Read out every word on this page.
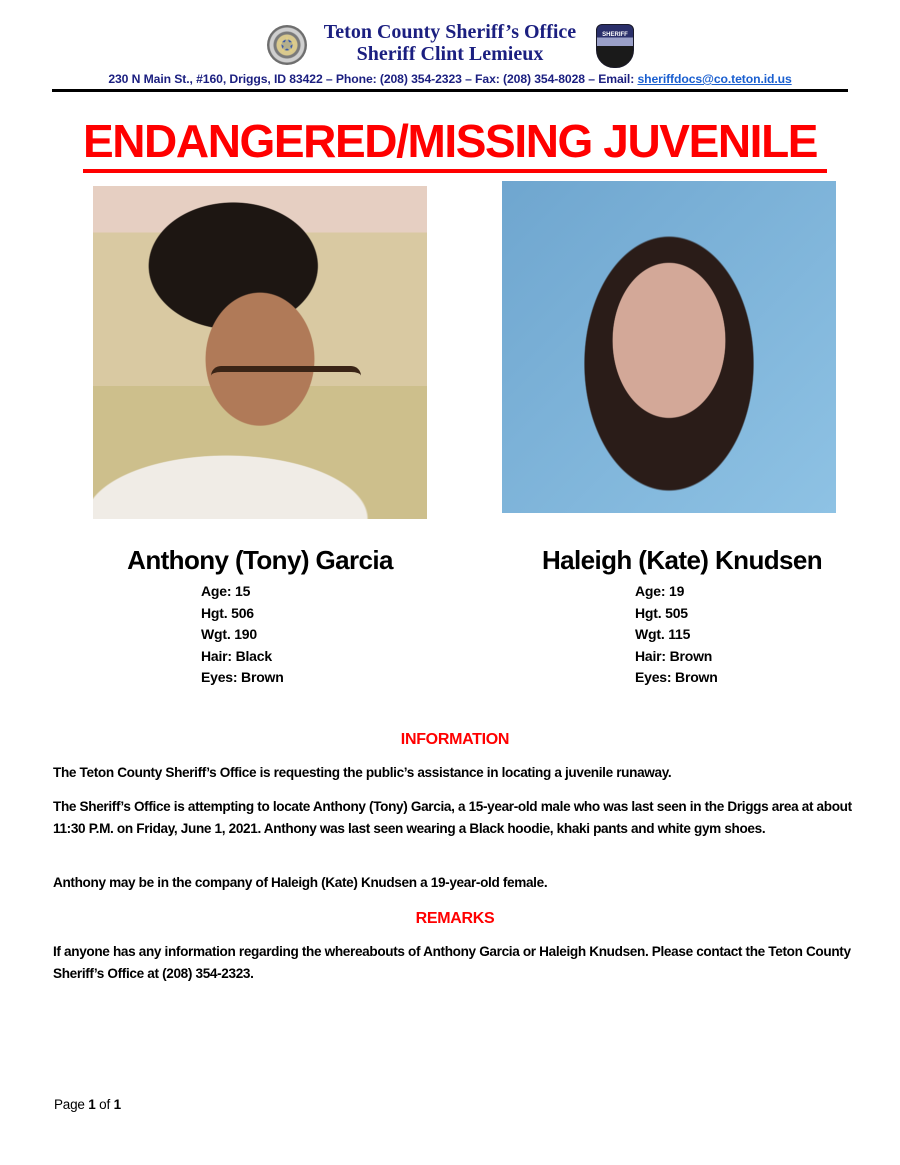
★	Teton County Sheriff’s Office
Sheriff Clint Lemieux
SHERIFF
230 N Main St., #160, Driggs, ID 83422 – Phone: (208) 354-2323 – Fax: (208) 354-8028 – Email: sheriffdocs@co.teton.id.us
ENDANGERED/MISSING JUVENILE
Anthony (Tony) Garcia
Age: 15
Hgt. 506
Wgt. 190
Hair: Black
Eyes: Brown
Haleigh (Kate) Knudsen
Age: 19
Hgt. 505
Wgt. 115
Hair: Brown
Eyes: Brown
INFORMATION
The Teton County Sheriff’s Office is requesting the public’s assistance in locating a juvenile runaway.
The Sheriff’s Office is attempting to locate Anthony (Tony) Garcia, a 15-year-old male who was last seen in the Driggs area at about 11:30 P.M. on Friday, June 1, 2021. Anthony was last seen wearing a Black hoodie, khaki pants and white gym shoes.
Anthony may be in the company of Haleigh (Kate) Knudsen a 19-year-old female.
REMARKS
If anyone has any information regarding the whereabouts of Anthony Garcia or Haleigh Knudsen. Please contact the Teton County Sheriff’s Office at (208) 354-2323.
Page 1 of 1
